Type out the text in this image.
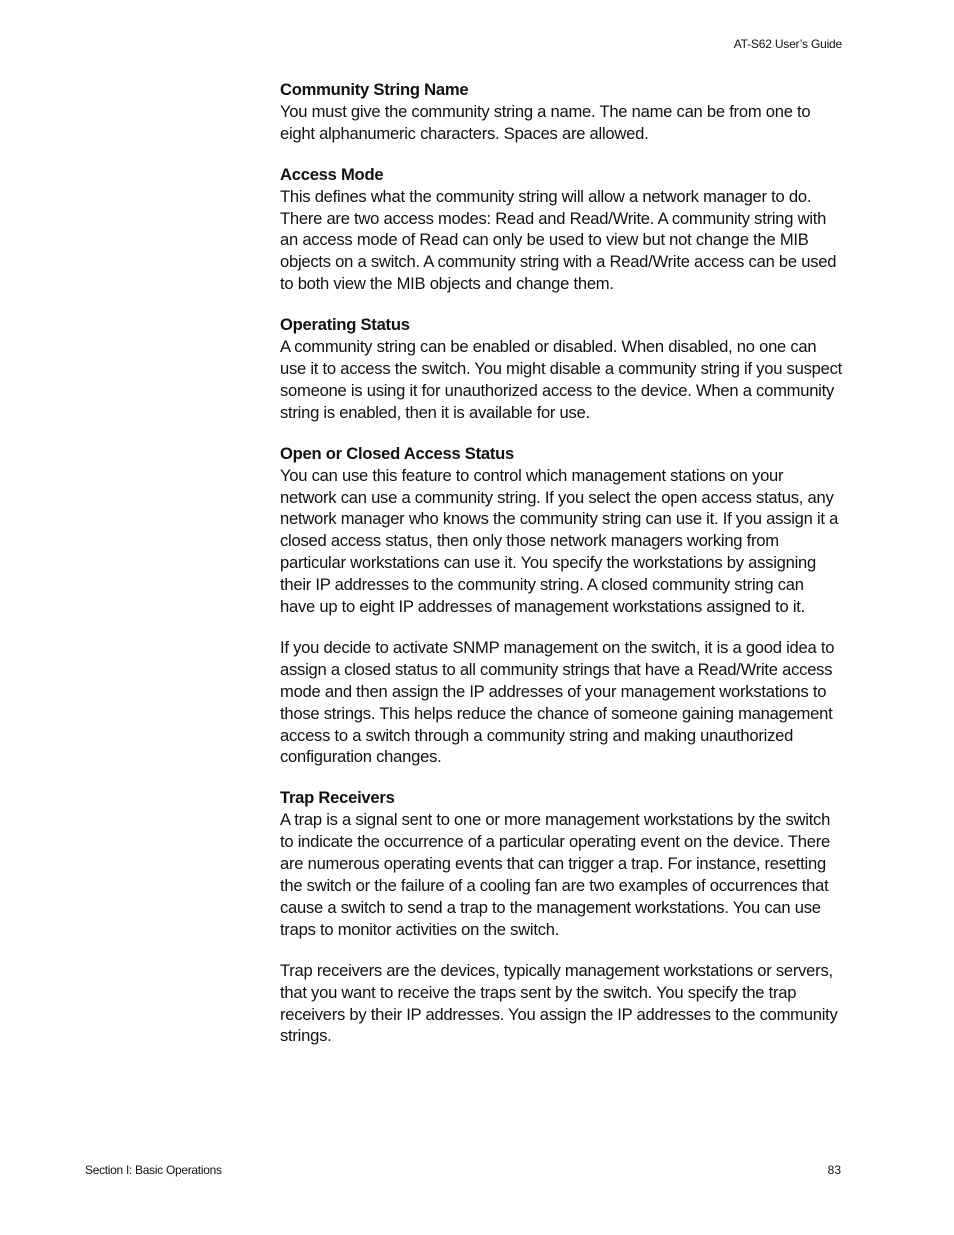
AT-S62 User’s Guide

Community String Name

You must give the community string a name. The name can be from one to eight alphanumeric characters. Spaces are allowed.

Access Mode

This defines what the community string will allow a network manager to do. There are two access modes: Read and Read/Write. A community string with an access mode of Read can only be used to view but not change the MIB objects on a switch. A community string with a Read/Write access can be used to both view the MIB objects and change them.

Operating Status

A community string can be enabled or disabled. When disabled, no one can use it to access the switch. You might disable a community string if you suspect someone is using it for unauthorized access to the device. When a community string is enabled, then it is available for use.

Open or Closed Access Status

You can use this feature to control which management stations on your network can use a community string. If you select the open access status, any network manager who knows the community string can use it. If you assign it a closed access status, then only those network managers working from particular workstations can use it. You specify the workstations by assigning their IP addresses to the community string. A closed community string can have up to eight IP addresses of management workstations assigned to it.

If you decide to activate SNMP management on the switch, it is a good idea to assign a closed status to all community strings that have a Read/Write access mode and then assign the IP addresses of your management workstations to those strings. This helps reduce the chance of someone gaining management access to a switch through a community string and making unauthorized configuration changes.

Trap Receivers

A trap is a signal sent to one or more management workstations by the switch to indicate the occurrence of a particular operating event on the device. There are numerous operating events that can trigger a trap. For instance, resetting the switch or the failure of a cooling fan are two examples of occurrences that cause a switch to send a trap to the management workstations. You can use traps to monitor activities on the switch.

Trap receivers are the devices, typically management workstations or servers, that you want to receive the traps sent by the switch. You specify the trap receivers by their IP addresses. You assign the IP addresses to the community strings.

Section I: Basic Operations	83
